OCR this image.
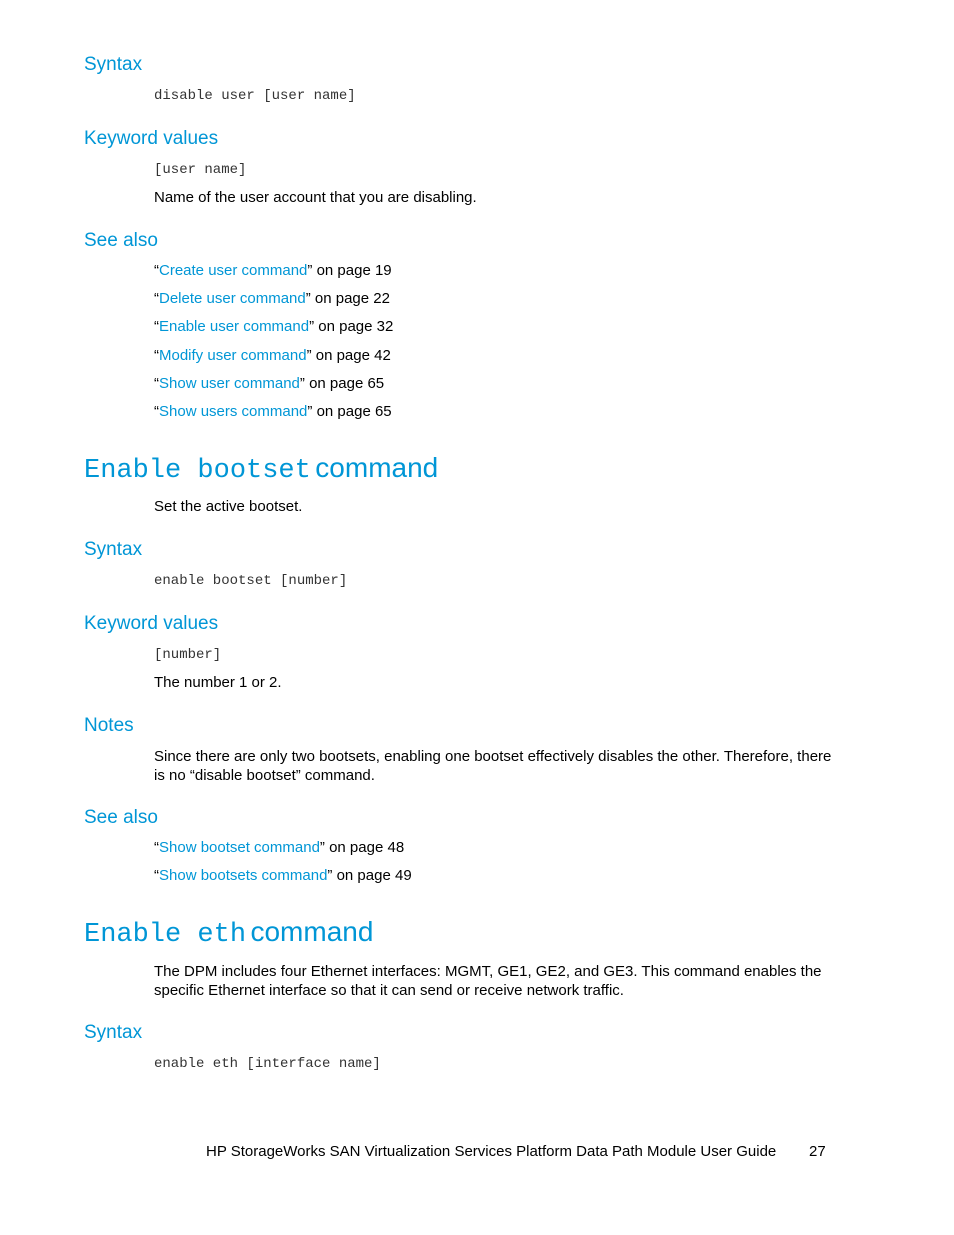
Syntax
disable user [user name]
Keyword values
[user name]
Name of the user account that you are disabling.
See also
“Create user command” on page 19
“Delete user command” on page 22
“Enable user command” on page 32
“Modify user command” on page 42
“Show user command” on page 65
“Show users command” on page 65
Enable bootset command
Set the active bootset.
Syntax
enable bootset [number]
Keyword values
[number]
The number 1 or 2.
Notes
Since there are only two bootsets, enabling one bootset effectively disables the other. Therefore, there is no “disable bootset” command.
See also
“Show bootset command” on page 48
“Show bootsets command” on page 49
Enable eth command
The DPM includes four Ethernet interfaces: MGMT, GE1, GE2, and GE3. This command enables the specific Ethernet interface so that it can send or receive network traffic.
Syntax
enable eth [interface name]
HP StorageWorks SAN Virtualization Services Platform Data Path Module User Guide 27
